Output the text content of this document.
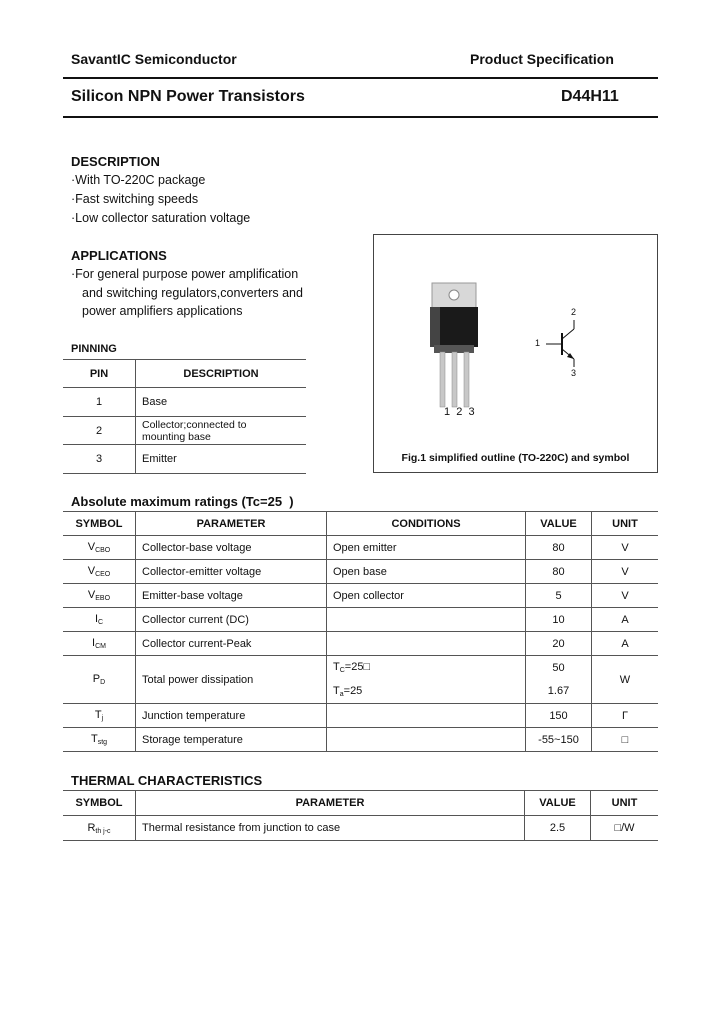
SavantIC Semiconductor	Product Specification
Silicon NPN Power Transistors	D44H11
DESCRIPTION
·With TO-220C package
·Fast switching speeds
·Low collector saturation voltage
APPLICATIONS
·For general purpose power amplification
and switching regulators,converters and
power amplifiers applications
PINNING
PIN	DESCRIPTION
1	Base
2	Collector;connected to
mounting base

3	Emitter
1  2  3
1
2
3
Fig.1 simplified outline (TO-220C) and symbol
Absolute maximum ratings (Tc=25  )
SYMBOL	PARAMETER	CONDITIONS	VALUE	UNIT
$V_{CBO}$	Collector-base voltage	Open emitter	80	V
$V_{CEO}$	Collector-emitter voltage	Open base	80	V
$V_{EBO}$	Emitter-base voltage	Open collector	5	V
$I_C$	Collector current (DC)		10	A
$I_{CM}$	Collector current-Peak		20	A
$P_D$	Total power dissipation	$T_C=25□$	50	W
		$T_a=25$	1.67	
$T_j$	Junction temperature		150	Γ
$T_{stg}$	Storage temperature		-55~150	□
THERMAL CHARACTERISTICS
SYMBOL	PARAMETER	VALUE	UNIT
$R_{th j-c}$	Thermal resistance from junction to case	2.5	□/W
